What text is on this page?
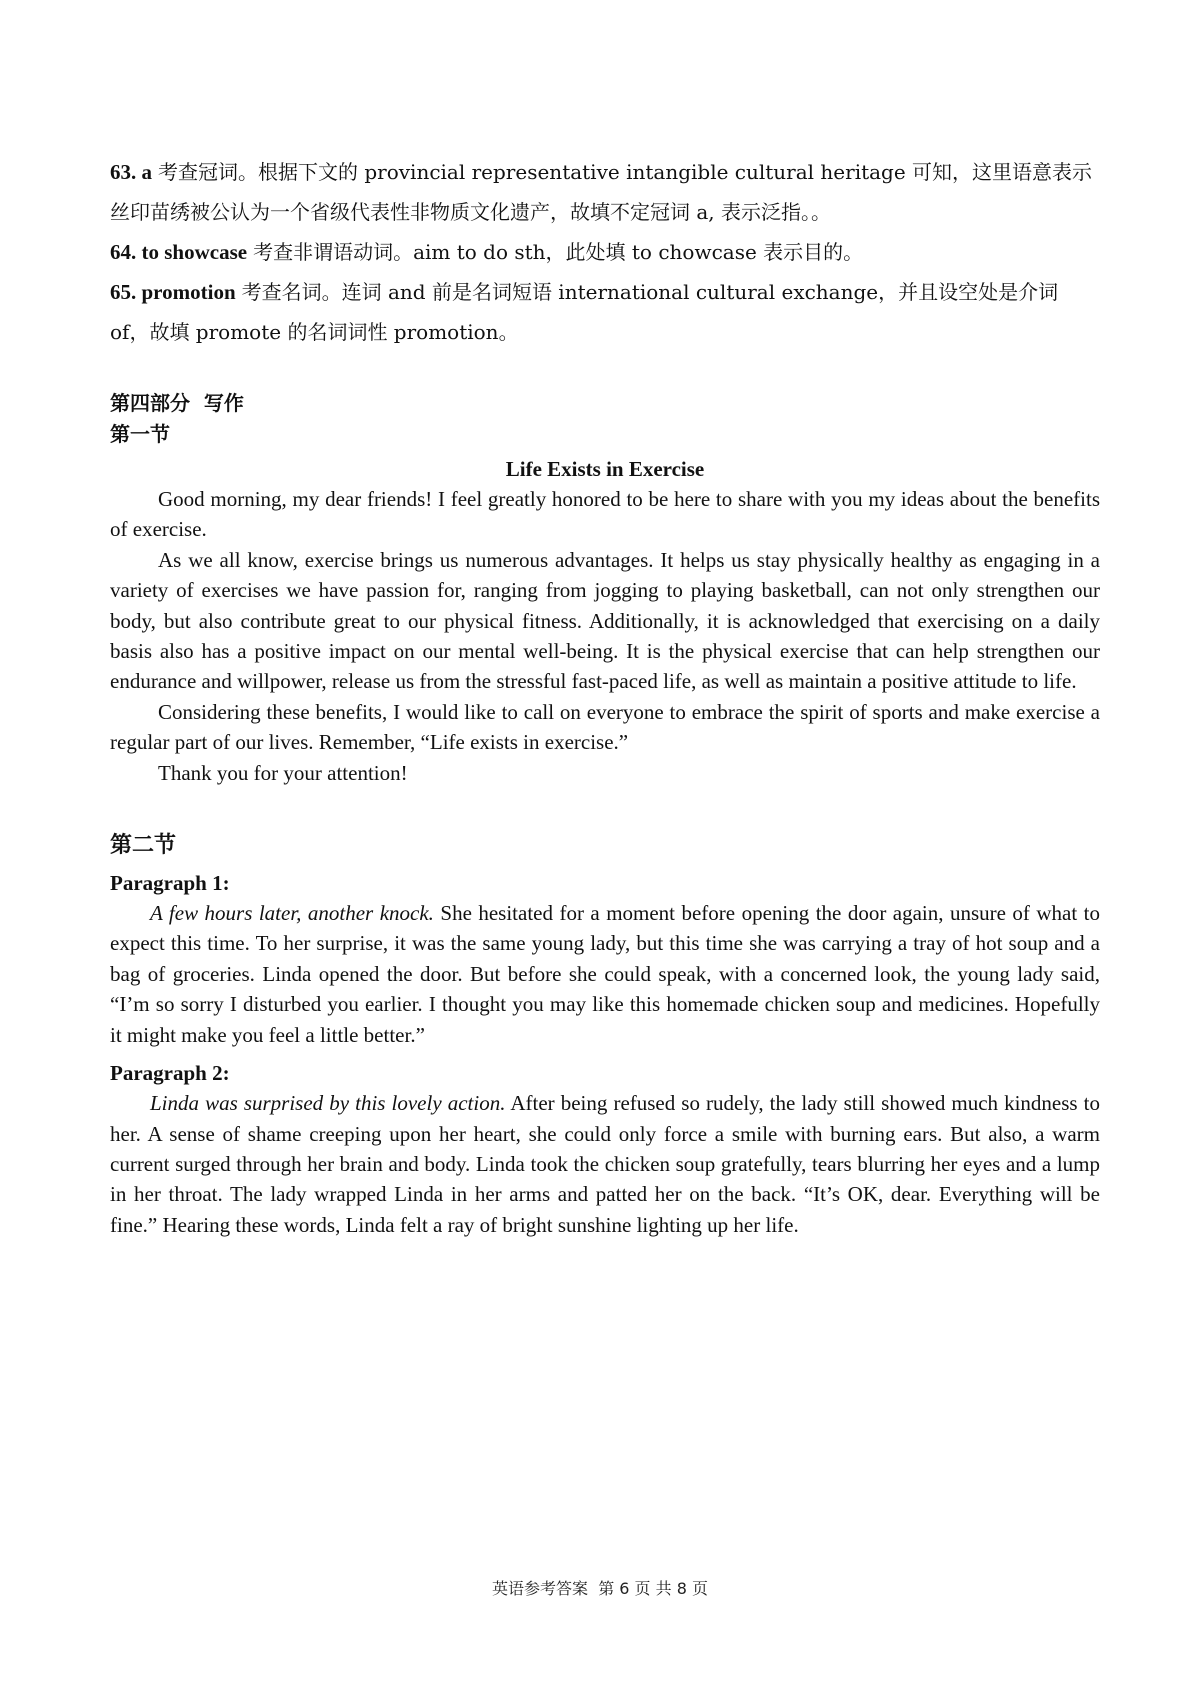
63. a 考查冠词。根据下文的 provincial representative intangible cultural heritage 可知，这里语意表示丝印苗绣被公认为一个省级代表性非物质文化遗产，故填不定冠词 a, 表示泛指。。

64. to showcase 考查非谓语动词。aim to do sth，此处填 to chowcase 表示目的。

65. promotion 考查名词。连词 and 前是名词短语 international cultural exchange，并且设空处是介词 of，故填 promote 的名词词性 promotion。

第四部分  写作

第一节

Life Exists in Exercise

Good morning, my dear friends! I feel greatly honored to be here to share with you my ideas about the benefits of exercise.

As we all know, exercise brings us numerous advantages. It helps us stay physically healthy as engaging in a variety of exercises we have passion for, ranging from jogging to playing basketball, can not only strengthen our body, but also contribute great to our physical fitness. Additionally, it is acknowledged that exercising on a daily basis also has a positive impact on our mental well-being. It is the physical exercise that can help strengthen our endurance and willpower, release us from the stressful fast-paced life, as well as maintain a positive attitude to life.

Considering these benefits, I would like to call on everyone to embrace the spirit of sports and make exercise a regular part of our lives. Remember, “Life exists in exercise.”

Thank you for your attention!

第二节

Paragraph 1:

A few hours later, another knock. She hesitated for a moment before opening the door again, unsure of what to expect this time. To her surprise, it was the same young lady, but this time she was carrying a tray of hot soup and a bag of groceries. Linda opened the door. But before she could speak, with a concerned look, the young lady said, “I’m so sorry I disturbed you earlier. I thought you may like this homemade chicken soup and medicines. Hopefully it might make you feel a little better.”

Paragraph 2:

Linda was surprised by this lovely action. After being refused so rudely, the lady still showed much kindness to her. A sense of shame creeping upon her heart, she could only force a smile with burning ears. But also, a warm current surged through her brain and body. Linda took the chicken soup gratefully, tears blurring her eyes and a lump in her throat. The lady wrapped Linda in her arms and patted her on the back. “It’s OK, dear. Everything will be fine.” Hearing these words, Linda felt a ray of bright sunshine lighting up her life.

英语参考答案  第 6 页 共 8 页
